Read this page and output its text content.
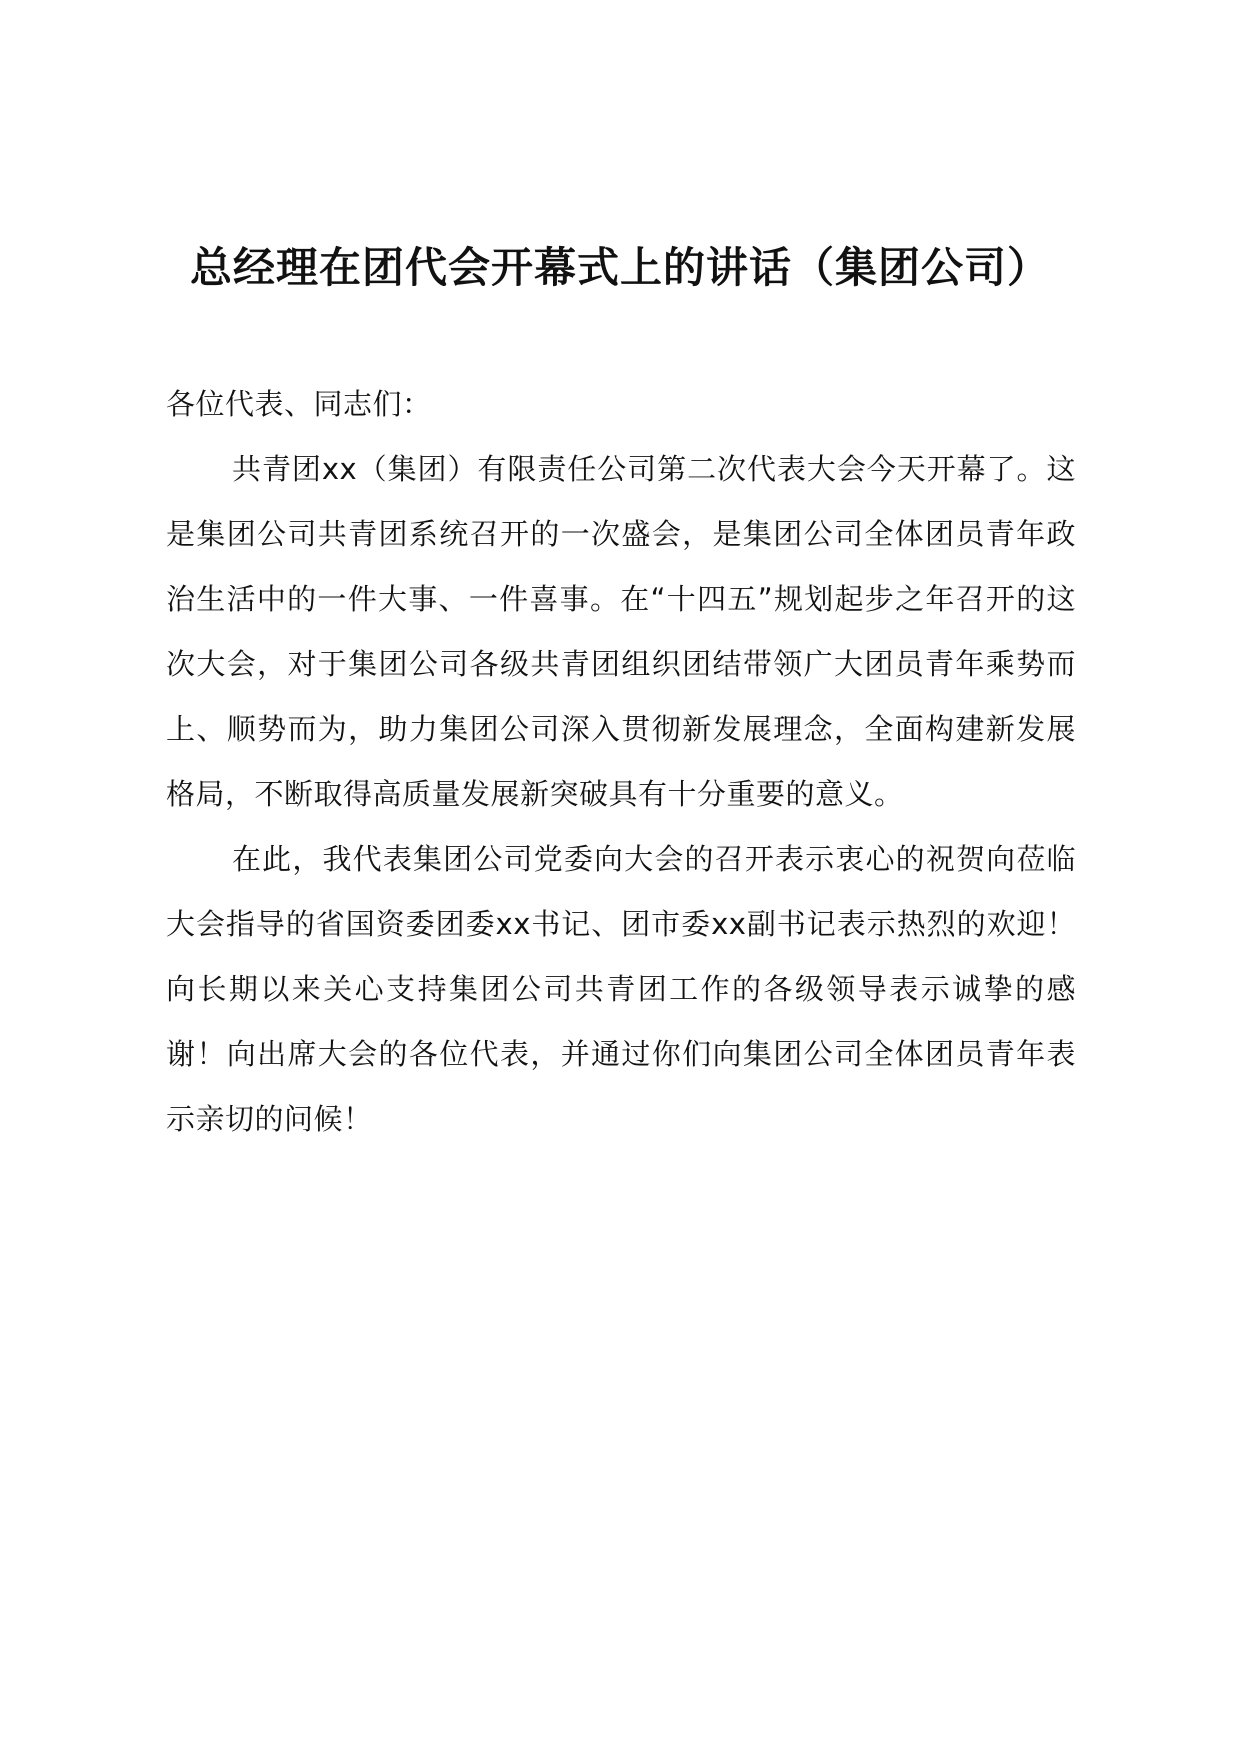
总经理在团代会开幕式上的讲话（集团公司）

各位代表、同志们：

共青团xx（集团）有限责任公司第二次代表大会今天开幕了。这是集团公司共青团系统召开的一次盛会，是集团公司全体团员青年政治生活中的一件大事、一件喜事。在“十四五”规划起步之年召开的这次大会，对于集团公司各级共青团组织团结带领广大团员青年乘势而上、顺势而为，助力集团公司深入贯彻新发展理念，全面构建新发展格局，不断取得高质量发展新突破具有十分重要的意义。

在此，我代表集团公司党委向大会的召开表示衷心的祝贺向莅临大会指导的省国资委团委xx书记、团市委xx副书记表示热烈的欢迎！向长期以来关心支持集团公司共青团工作的各级领导表示诚挚的感谢！向出席大会的各位代表，并通过你们向集团公司全体团员青年表示亲切的问候！
